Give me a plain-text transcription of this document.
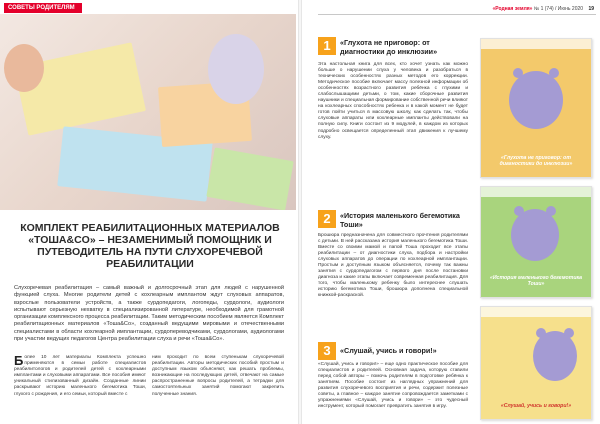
СОВЕТЫ РОДИТЕЛЯМ
КОМПЛЕКТ РЕАБИЛИТАЦИОННЫХ МАТЕРИАЛОВ «ТОША&CO» – НЕЗАМЕНИМЫЙ ПОМОЩНИК И ПУТЕВОДИТЕЛЬ НА ПУТИ СЛУХОРЕЧЕВОЙ РЕАБИЛИТАЦИИ
Слухоречевая реабилитация – самый важный и долгосрочный этап для людей с нарушенной функцией слуха. Многие родители детей с кохлеарным имплантом ждут слуховых аппаратов, взрослые пользователи устройств, а также сурдопедагоги, логопеды, сурдологи, аудиологи испытывают серьезную нехватку в специализированной литературе, необходимой для грамотной организации комплексного процесса реабилитации. Таким методическим пособием является Комплект реабилитационных материалов «Тоша&Co», созданный ведущими мировыми и отечественными специалистами в области кохлеарной имплантации, сурдопереводчиками, сурдологами, аудиологами при участии ведущих педагогов Центра реабилитации слуха и речи «Тоша&Co».
Более 10 лет материалы Комплекта успешно применяются в семьи работе специалистов реабилитологов и родителей детей с кохлеарными имплантами и слуховыми аппаратами. Все пособия имеют уникальный стилизованный дизайн. Созданные линии раскрывают историю маленького бегемотика Тоши, глухого с рождения, и его семьи, который вместе с
ним проходит по всем ступенькам слухоречевой реабилитации. Авторы методических пособий простым и доступным языком объясняют, как решать проблемы, возникающие на последующих детей, отвечают на самые распространенные вопросы родителей, а тетрадки для самостоятельных занятий помогают закрепить полученные знания.
«Родная земля» № 1 (74) / Июнь 2020 19
1	«Глухота не приговор: от диагностики до инклюзии»
Эта настольная книга для всех, кто хочет узнать как можно больше о нарушении слуха у человека и разобраться в технических особенностях разных методов его коррекции. Методическое пособие включает массу полезной информации об особенностях возрастного развития ребёнка с глухими и слабослышащими детьми, о том, какие сборочные развития наушники и специальная формирование собственной речи влияют на кохлеарных способностях ребенка и в какой момент не будет готов пойти учиться в массовую школу, как сделать так, чтобы слуховые аппараты или кохлеарные импланты действовали на полную силу. Книги состоит из 9 модулей, в каждом из которых подробно освещается определенный этап движения к лучшему слуху.
«Глухота не приговор: от диагностики до инклюзии»
2	«История маленького бегемотика Тоши»
Брошюра предназначена для совместного прочтения родителями с детьми. В ней рассказана история маленького бегемотика Тоши. Вместе со своими мамой и папой Тоша проходит все этапы реабилитации – от диагностики слуха, подбора и настройки слуховых аппаратов до операции по кохлеарной имплантации. Простым и доступным языком объясняется, почему так важны занятия с сурдопедагогом с первого дня после постановки диагноза и какие этапы включает современная реабилитация. Для того, чтобы маленькому ребенку было интереснее слушать историю бегемотика Тоши, брошюра дополнена специальной книжкой-раскраской.
«История маленького бегемотика Тоши»
3	«Слушай, учись и говори!»
«Слушай, учись и говори!» – еще одно практическое пособие для специалистов и родителей. Основная задача, которую ставили перед собой авторы – помочь родителям в подготовке ребёнка к занятиям. Пособие состоит из наглядных упражнений для развития слухоречевого восприятия и речи, содержит полезные советы, а главное – каждое занятие сопровождается заметками с упражнениями «Слушай, учись и говори» – это чудесный инструмент, который помогает превратить занятия в игру.	«Слушай, учись и говори!»
